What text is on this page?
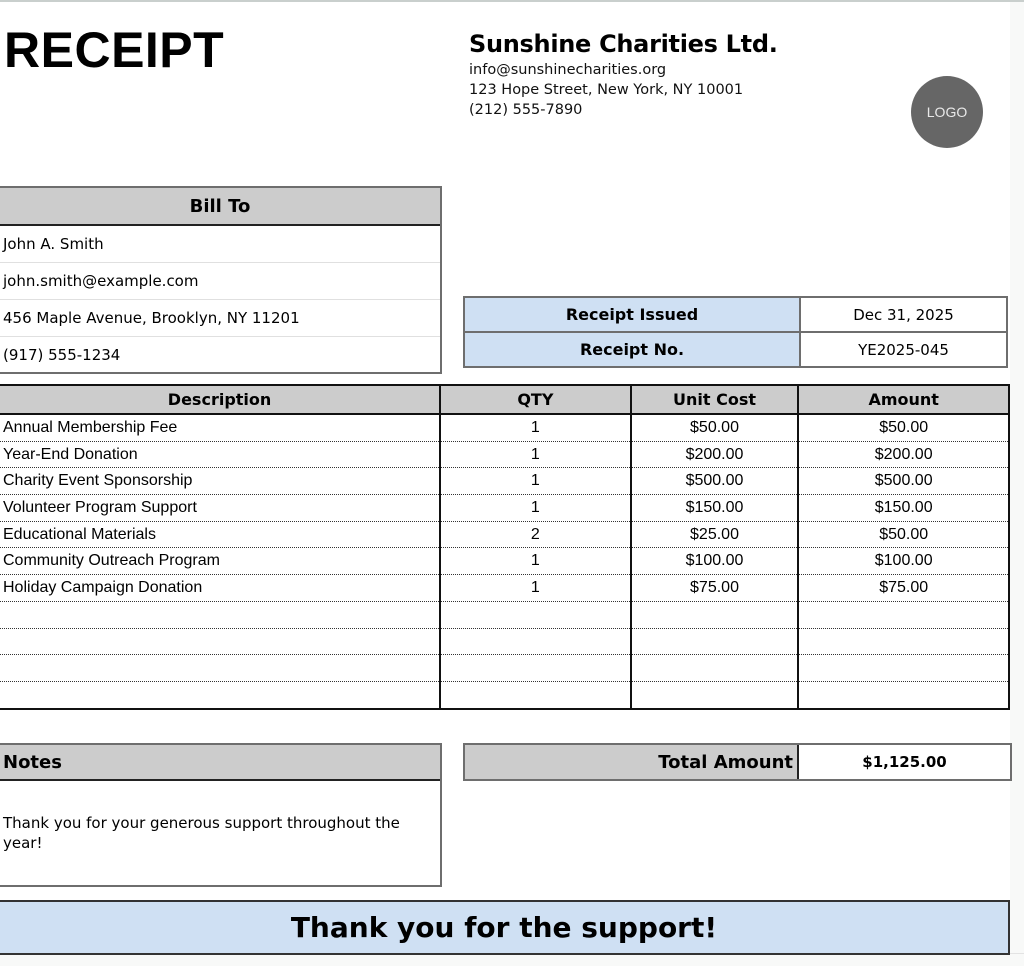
RECEIPT	Sunshine Charities Ltd.
info@sunshinecharities.org
123 Hope Street, New York, NY 10001
(212) 555-7890	LOGO
Bill To
John A. Smith
john.smith@example.com
456 Maple Avenue, Brooklyn, NY 11201
(917) 555-1234
Receipt Issued	Dec 31, 2025
Receipt No.	YE2025-045
Description	QTY	Unit Cost	Amount
Annual Membership Fee	1	$50.00	$50.00
Year-End Donation	1	$200.00	$200.00
Charity Event Sponsorship	1	$500.00	$500.00
Volunteer Program Support	1	$150.00	$150.00
Educational Materials	2	$25.00	$50.00
Community Outreach Program	1	$100.00	$100.00
Holiday Campaign Donation	1	$75.00	$75.00

Notes
Thank you for your generous support throughout the year!
Total Amount	$1,125.00
Thank you for the support!
